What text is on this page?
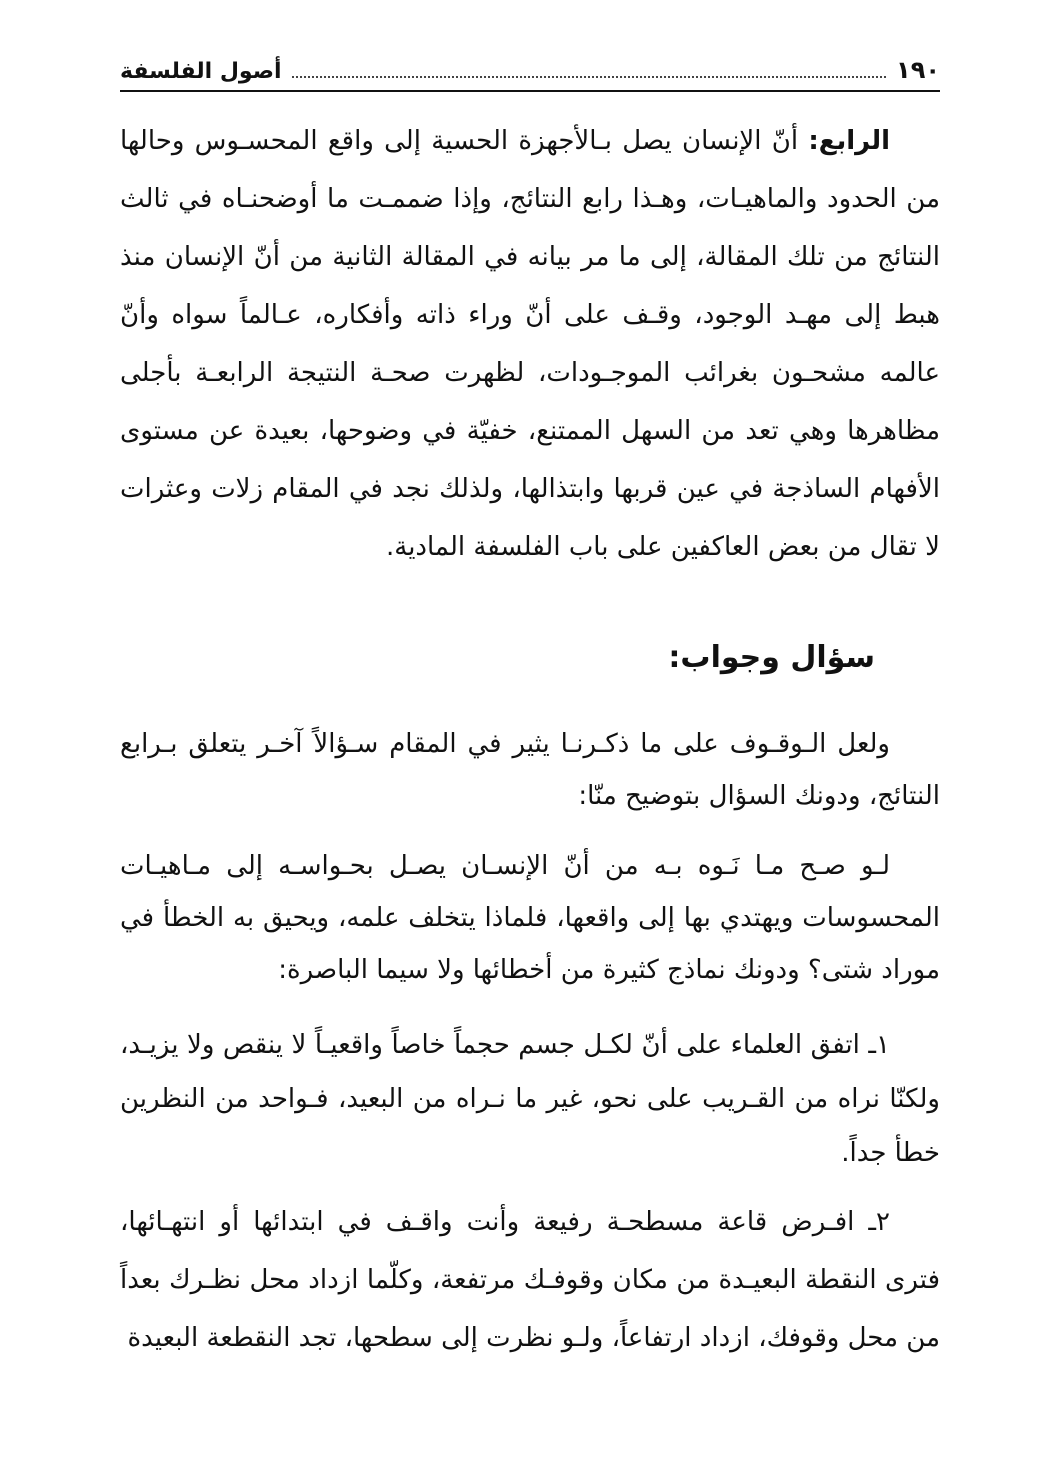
١٩٠
أصول الفلسفة

الرابع: أنّ الإنسان يصل بـالأجهزة الحسية إلى واقع المحسـوس وحالها من الحدود والماهيـات، وهـذا رابع النتائج، وإذا ضممـت ما أوضحنـاه في ثالث النتائج من تلك المقالة، إلى ما مر بيانه في المقالة الثانية من أنّ الإنسان منذ هبط إلى مهـد الوجود، وقـف على أنّ وراء ذاته وأفكاره، عـالماً سواه وأنّ عالمه مشحـون بغرائب الموجـودات، لظهرت صحـة النتيجة الرابعـة بأجلى مظاهرها وهي تعد من السهل الممتنع، خفيّة في وضوحها، بعيدة عن مستوى الأفهام الساذجة في عين قربها وابتذالها، ولذلك نجد في المقام زلات وعثرات لا تقال من بعض العاكفين على باب الفلسفة المادية.

سؤال وجواب:

ولعل الـوقـوف على ما ذكـرنـا يثير في المقام سـؤالاً آخـر يتعلق بـرابع النتائج، ودونك السؤال بتوضيح منّا:

لـو صـح مـا نَـوه بـه من أنّ الإنسـان يصـل بحـواسـه إلى مـاهيـات المحسوسات ويهتدي بها إلى واقعها، فلماذا يتخلف علمه، ويحيق به الخطأ في موراد شتى؟ ودونك نماذج كثيرة من أخطائها ولا سيما الباصرة:

١ـ اتفق العلماء على أنّ لكـل جسم حجماً خاصاً واقعيـاً لا ينقص ولا يزيـد، ولكنّا نراه من القـريب على نحو، غير ما نـراه من البعيد، فـواحد من النظرين خطأ جداً.

٢ـ افـرض قاعة مسطحـة رفيعة وأنت واقـف في ابتدائها أو انتهـائها، فترى النقطة البعيـدة من مكان وقوفـك مرتفعة، وكلّما ازداد محل نظـرك بعداً من محل وقوفك، ازداد ارتفاعاً، ولـو نظرت إلى سطحها، تجد النقطعة البعيدة
